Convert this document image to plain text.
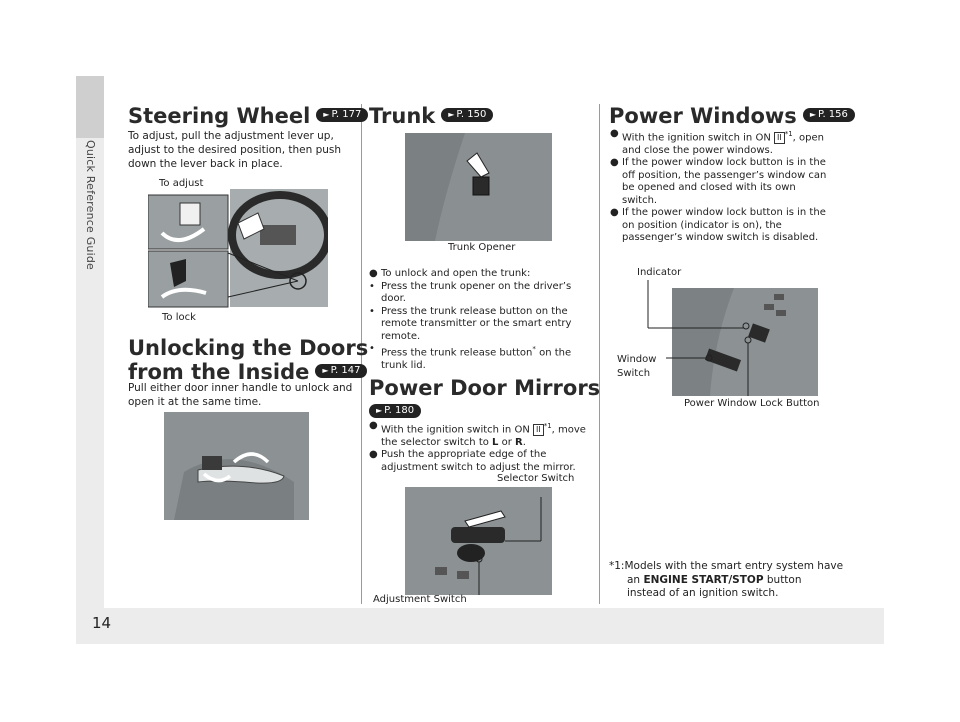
Quick Reference Guide
14
Steering Wheel ► P. 177
To adjust, pull the adjustment lever up,
adjust to the desired position, then push
down the lever back in place.
To adjust
To lock
Unlocking the Doors
from the Inside ► P. 147
Pull either door inner handle to unlock and
open it at the same time.
Trunk ► P. 150
Trunk Opener
● To unlock and open the trunk:
• Press the trunk opener on the driver’s
door.
• Press the trunk release button on the
remote transmitter or the smart entry
remote.
• Press the trunk release button* on the
trunk lid.
Power Door Mirrors
► P. 180
● With the ignition switch in ON II $^{*1}$, move
the selector switch to L or R.
● Push the appropriate edge of the
adjustment switch to adjust the mirror.
Selector Switch
Adjustment Switch
Power Windows ► P. 156
● With the ignition switch in ON II $^{*1}$, open
and close the power windows.
● If the power window lock button is in the
off position, the passenger’s window can
be opened and closed with its own
switch.
● If the power window lock button is in the
on position (indicator is on), the
passenger’s window switch is disabled.
Indicator
Window
Switch
Power Window Lock Button
*1:Models with the smart entry system have
an ENGINE START/STOP button
instead of an ignition switch.
